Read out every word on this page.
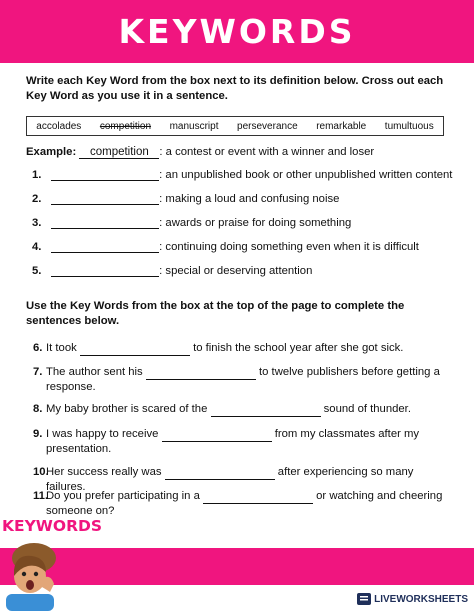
KEYWORDS
Write each Key Word from the box next to its definition below. Cross out each Key Word as you use it in a sentence.
accolades competition manuscript perseverance remarkable tumultuous
Example: competition : a contest or event with a winner and loser
1.	: an unpublished book or other unpublished written content
2.	: making a loud and confusing noise
3.	: awards or praise for doing something
4.	: continuing doing something even when it is difficult
5.	: special or deserving attention
Use the Key Words from the box at the top of the page to complete the sentences below.
6. It took	to finish the school year after she got sick.
7. The author sent his	to twelve publishers before getting a response.
8. My baby brother is scared of the	sound of thunder.
9. I was happy to receive	from my classmates after my presentation.
10.
Her success really was	after experiencing so many failures.
11.
Do you prefer participating in a	or watching and cheering someone on?
KEYWORDS
LIVEWORKSHEETS
